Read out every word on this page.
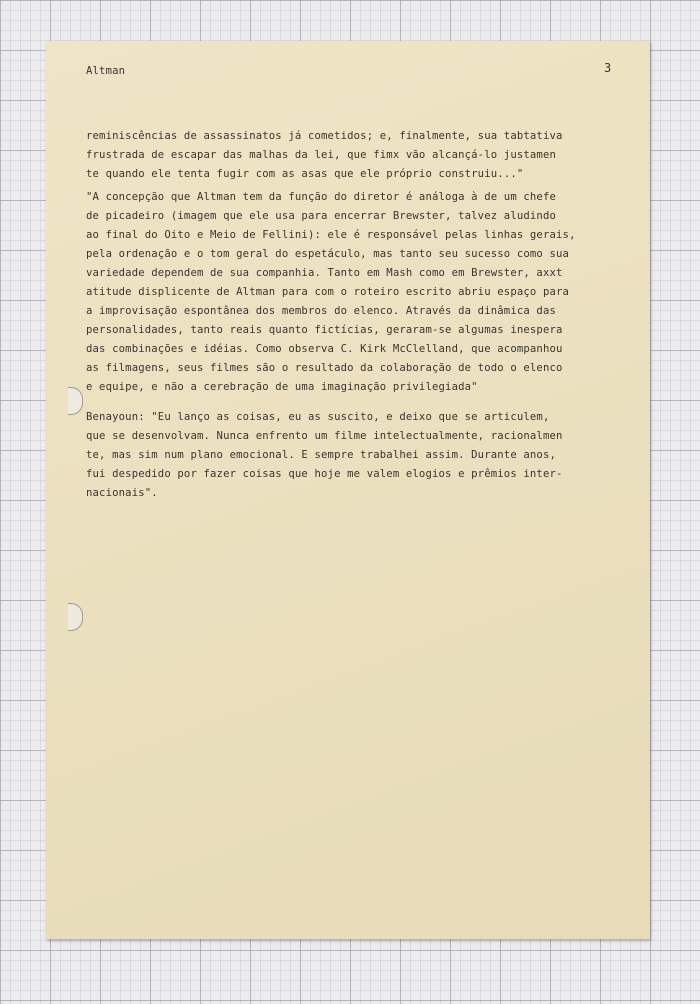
Altman	3
reminiscências de assassinatos já cometidos; e, finalmente, sua tabtativa
frustrada de escapar das malhas da lei, que fimx vão alcançá-lo justamen
te quando ele tenta fugir com as asas que ele próprio construiu..."
"A concepção que Altman tem da função do diretor é análoga à de um chefe
de picadeiro (imagem que ele usa para encerrar Brewster, talvez aludindo
ao final do Oito e Meio de Fellini): ele é responsável pelas linhas gerais,
pela ordenação e o tom geral do espetáculo, mas tanto seu sucesso como sua
variedade dependem de sua companhia. Tanto em Mash como em Brewster, axxt
atitude displicente de Altman para com o roteiro escrito abriu espaço para
a improvisação espontânea dos membros do elenco. Através da dinâmica das
personalidades, tanto reais quanto fictícias, geraram-se algumas inespera
das combinações e idéias. Como observa C. Kirk McClelland, que acompanhou
as filmagens, seus filmes são o resultado da colaboração de todo o elenco
e equipe, e não a cerebração de uma imaginação privilegiada"
Benayoun: "Eu lanço as coisas, eu as suscito, e deixo que se articulem,
que se desenvolvam. Nunca enfrento um filme intelectualmente, racionalmen
te, mas sim num plano emocional. E sempre trabalhei assim. Durante anos,
fui despedido por fazer coisas que hoje me valem elogios e prêmios inter-
nacionais".
